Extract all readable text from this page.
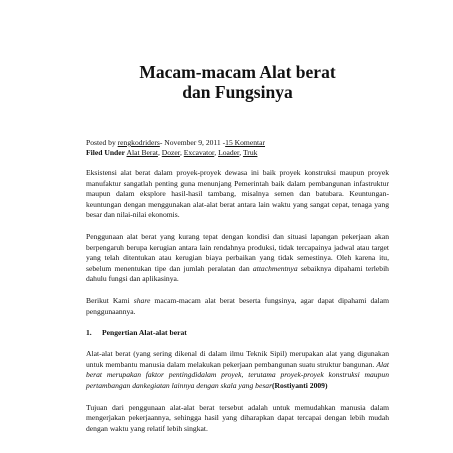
Macam-macam Alat berat
dan Fungsinya
Posted by rengkodriders- November 9, 2011 -15 Komentar
Filed Under Alat Berat, Dozer, Excavator, Loader, Truk

Eksistensi alat berat dalam proyek-proyek dewasa ini baik proyek konstruksi maupun proyek manufaktur sangatlah penting guna menunjang Pemerintah baik dalam pembangunan infastruktur maupun dalam eksplore hasil-hasil tambang, misalnya semen dan batubara. Keuntungan-keuntungan dengan menggunakan alat-alat berat antara lain waktu yang sangat cepat, tenaga yang besar dan nilai-nilai ekonomis.

Penggunaan alat berat yang kurang tepat dengan kondisi dan situasi lapangan pekerjaan akan berpengaruh berupa kerugian antara lain rendahnya produksi, tidak tercapainya jadwal atau target yang telah ditentukan atau kerugian biaya perbaikan yang tidak semestinya. Oleh karena itu, sebelum menentukan tipe dan jumlah peralatan dan attachmentnya sebaiknya dipahami terlebih dahulu fungsi dan aplikasinya.

Berikut Kami share macam-macam alat berat beserta fungsinya, agar dapat dipahami dalam penggunaannya.

1. Pengertian Alat-alat berat

Alat-alat berat (yang sering dikenal di dalam ilmu Teknik Sipil) merupakan alat yang digunakan untuk membantu manusia dalam melakukan pekerjaan pembangunan suatu struktur bangunan. Alat berat merupakan faktor pentingdidalam proyek, terutama proyek-proyek konstruksi maupun pertambangan dankegiatan lainnya dengan skala yang besar(Rostiyanti 2009)

Tujuan dari penggunaan alat-alat berat tersebut adalah untuk memudahkan manusia dalam mengerjakan pekerjaannya, sehingga hasil yang diharapkan dapat tercapai dengan lebih mudah dengan waktu yang relatif lebih singkat.
